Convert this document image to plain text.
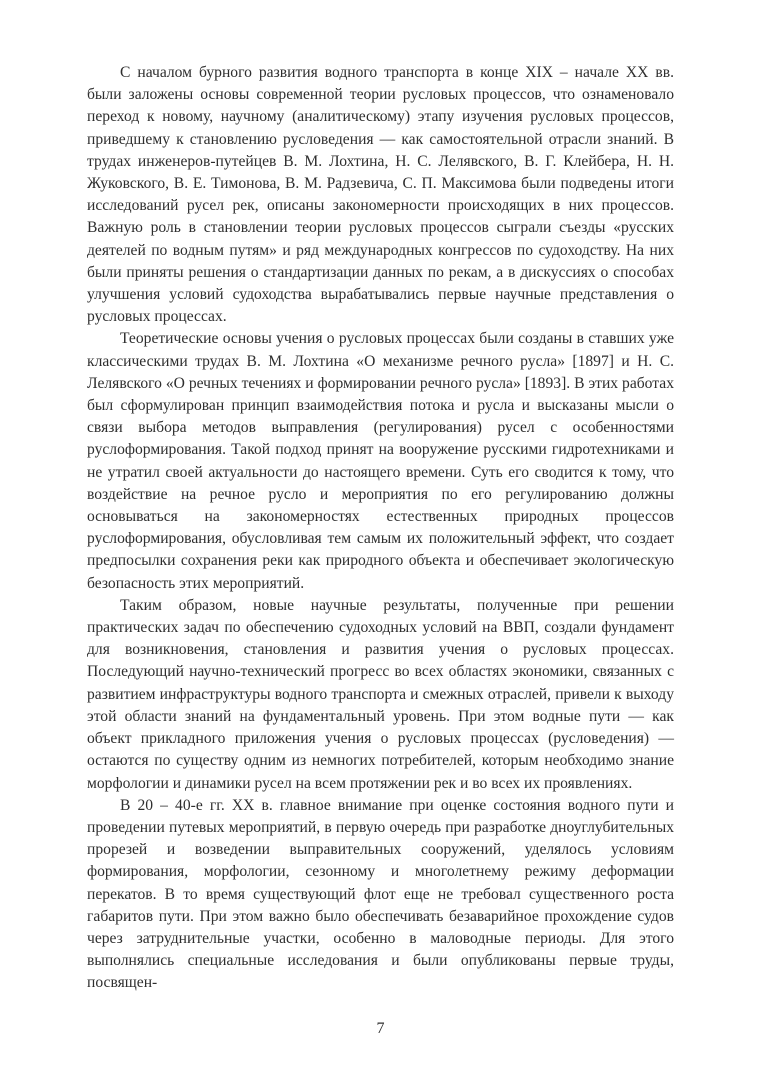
С началом бурного развития водного транспорта в конце XIX – начале XX вв. были заложены основы современной теории русловых процессов, что ознаменовало переход к новому, научному (аналитическому) этапу изучения русловых процессов, приведшему к становлению русловедения — как самостоятельной отрасли знаний. В трудах инженеров-путейцев В. М. Лохтина, Н. С. Лелявского, В. Г. Клейбера, Н. Н. Жуковского, В. Е. Тимонова, В. М. Радзевича, С. П. Максимова были подведены итоги исследований русел рек, описаны закономерности происходящих в них процессов. Важную роль в становлении теории русловых процессов сыграли съезды «русских деятелей по водным путям» и ряд международных конгрессов по судоходству. На них были приняты решения о стандартизации данных по рекам, а в дискуссиях о способах улучшения условий судоходства вырабатывались первые научные представления о русловых процессах.

Теоретические основы учения о русловых процессах были созданы в ставших уже классическими трудах В. М. Лохтина «О механизме речного русла» [1897] и Н. С. Лелявского «О речных течениях и формировании речного русла» [1893]. В этих работах был сформулирован принцип взаимодействия потока и русла и высказаны мысли о связи выбора методов выправления (регулирования) русел с особенностями руслоформирования. Такой подход принят на вооружение русскими гидротехниками и не утратил своей актуальности до настоящего времени. Суть его сводится к тому, что воздействие на речное русло и мероприятия по его регулированию должны основываться на закономерностях естественных природных процессов руслоформирования, обусловливая тем самым их положительный эффект, что создает предпосылки сохранения реки как природного объекта и обеспечивает экологическую безопасность этих мероприятий.

Таким образом, новые научные результаты, полученные при решении практических задач по обеспечению судоходных условий на ВВП, создали фундамент для возникновения, становления и развития учения о русловых процессах. Последующий научно-технический прогресс во всех областях экономики, связанных с развитием инфраструктуры водного транспорта и смежных отраслей, привели к выходу этой области знаний на фундаментальный уровень. При этом водные пути — как объект прикладного приложения учения о русловых процессах (русловедения) — остаются по существу одним из немногих потребителей, которым необходимо знание морфологии и динамики русел на всем протяжении рек и во всех их проявлениях.

В 20 – 40-е гг. XX в. главное внимание при оценке состояния водного пути и проведении путевых мероприятий, в первую очередь при разработке дноуглубительных прорезей и возведении выправительных сооружений, уделялось условиям формирования, морфологии, сезонному и многолетнему режиму деформации перекатов. В то время существующий флот еще не требовал существенного роста габаритов пути. При этом важно было обеспечивать безаварийное прохождение судов через затруднительные участки, особенно в маловодные периоды. Для этого выполнялись специальные исследования и были опубликованы первые труды, посвящен-

7
